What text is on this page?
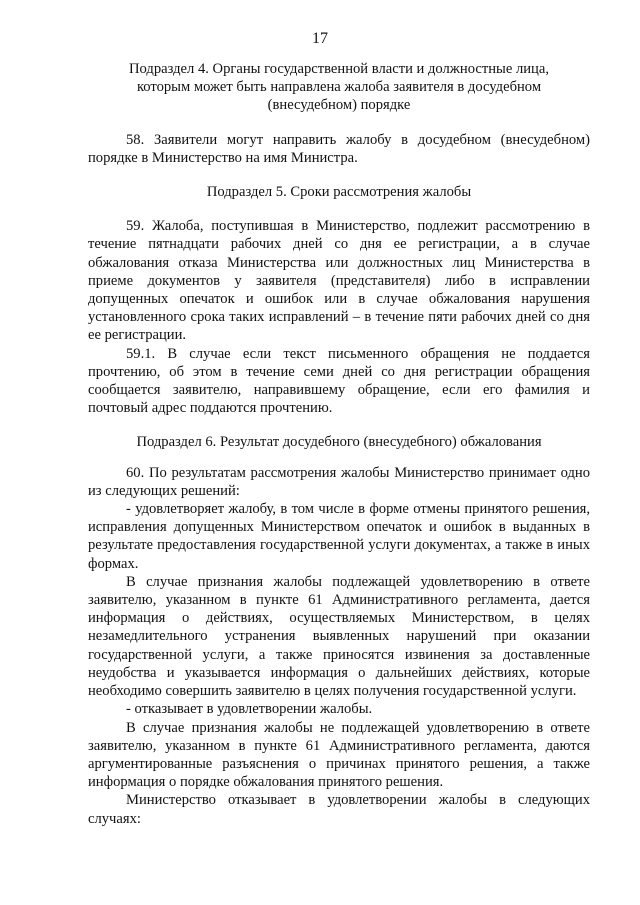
17

Подраздел 4. Органы государственной власти и должностные лица,
которым может быть направлена жалоба заявителя в досудебном
(внесудебном) порядке

58. Заявители могут направить жалобу в досудебном (внесудебном) порядке в Министерство на имя Министра.

Подраздел 5. Сроки рассмотрения жалобы

59. Жалоба, поступившая в Министерство, подлежит рассмотрению в течение пятнадцати рабочих дней со дня ее регистрации, а в случае обжалования отказа Министерства или должностных лиц Министерства в приеме документов у заявителя (представителя) либо в исправлении допущенных опечаток и ошибок или в случае обжалования нарушения установленного срока таких исправлений – в течение пяти рабочих дней со дня ее регистрации.

59.1. В случае если текст письменного обращения не поддается прочтению, об этом в течение семи дней со дня регистрации обращения сообщается заявителю, направившему обращение, если его фамилия и почтовый адрес поддаются прочтению.

Подраздел 6. Результат досудебного (внесудебного) обжалования

60. По результатам рассмотрения жалобы Министерство принимает одно из следующих решений:

- удовлетворяет жалобу, в том числе в форме отмены принятого решения, исправления допущенных Министерством опечаток и ошибок в выданных в результате предоставления государственной услуги документах, а также в иных формах.

В случае признания жалобы подлежащей удовлетворению в ответе заявителю, указанном в пункте 61 Административного регламента, дается информация о действиях, осуществляемых Министерством, в целях незамедлительного устранения выявленных нарушений при оказании государственной услуги, а также приносятся извинения за доставленные неудобства и указывается информация о дальнейших действиях, которые необходимо совершить заявителю в целях получения государственной услуги.

- отказывает в удовлетворении жалобы.

В случае признания жалобы не подлежащей удовлетворению в ответе заявителю, указанном в пункте 61 Административного регламента, даются аргументированные разъяснения о причинах принятого решения, а также информация о порядке обжалования принятого решения.

Министерство отказывает в удовлетворении жалобы в следующих случаях:
